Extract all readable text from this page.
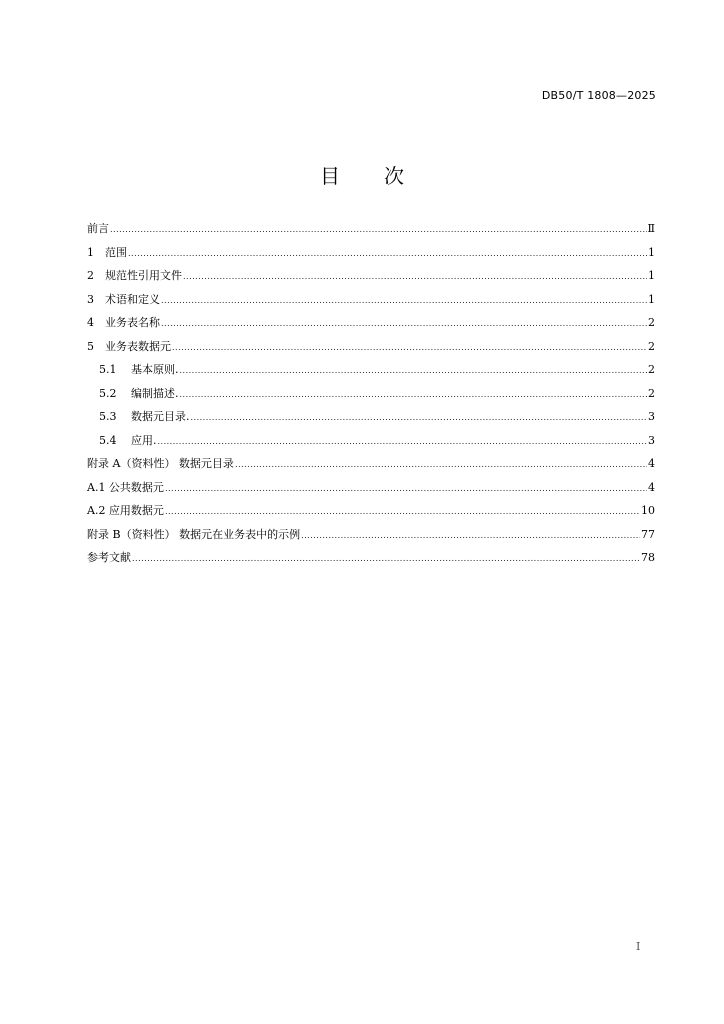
DB50/T 1808—2025
目 次
前言 .....	Ⅱ
1	范围 .....	1
2	规范性引用文件 .....	1
3	术语和定义 .....	1
4	业务表名称 .....	2
5	业务表数据元 .....	2
5.1	基本原则. .....	2
5.2	编制描述. .....	2
5.3	数据元目录. .....	3
5.4	应用. .....	3
附录 A（资料性） 数据元目录 .....	4
A.1 公共数据元 .....	4
A.2 应用数据元 .....	10
附录 B（资料性） 数据元在业务表中的示例 .....	77
参考文献 .....	78
I
